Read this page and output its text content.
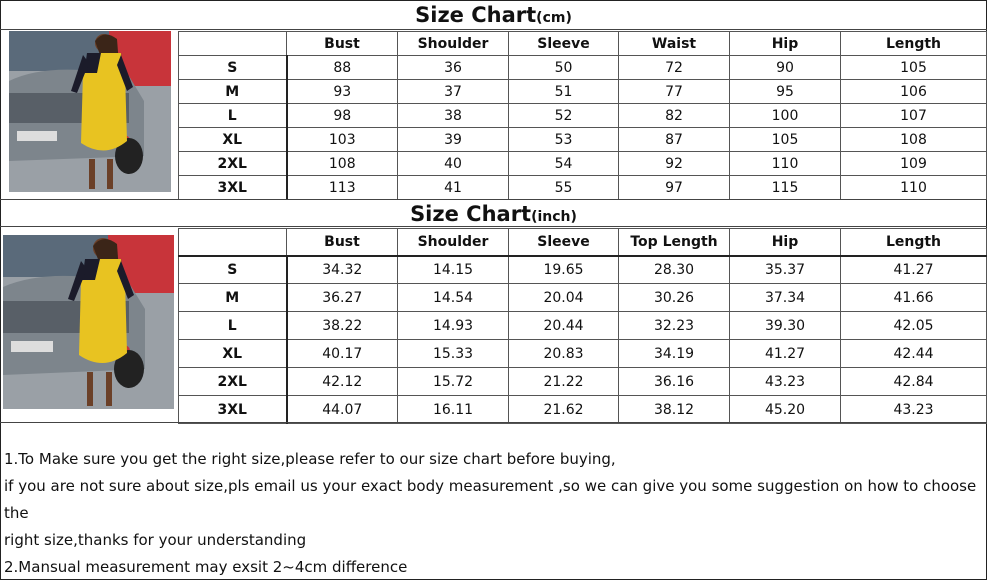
Size Chart(cm)
	Bust	Shoulder	Sleeve	Waist	Hip	Length
S	88	36	50	72	90	105
M	93	37	51	77	95	106
L	98	38	52	82	100	107
XL	103	39	53	87	105	108
2XL	108	40	54	92	110	109
3XL	113	41	55	97	115	110
Size Chart(inch)
	Bust	Shoulder	Sleeve	Top Length	Hip	Length
S	34.32	14.15	19.65	28.30	35.37	41.27
M	36.27	14.54	20.04	30.26	37.34	41.66
L	38.22	14.93	20.44	32.23	39.30	42.05
XL	40.17	15.33	20.83	34.19	41.27	42.44
2XL	42.12	15.72	21.22	36.16	43.23	42.84
3XL	44.07	16.11	21.62	38.12	45.20	43.23
1.To Make sure you get the right size,please refer to our size chart before buying,
if you are not sure about size,pls email us your exact body measurement ,so we can give you some suggestion on how to choose the
right size,thanks for your understanding
2.Mansual measurement may exsit 2~4cm difference
